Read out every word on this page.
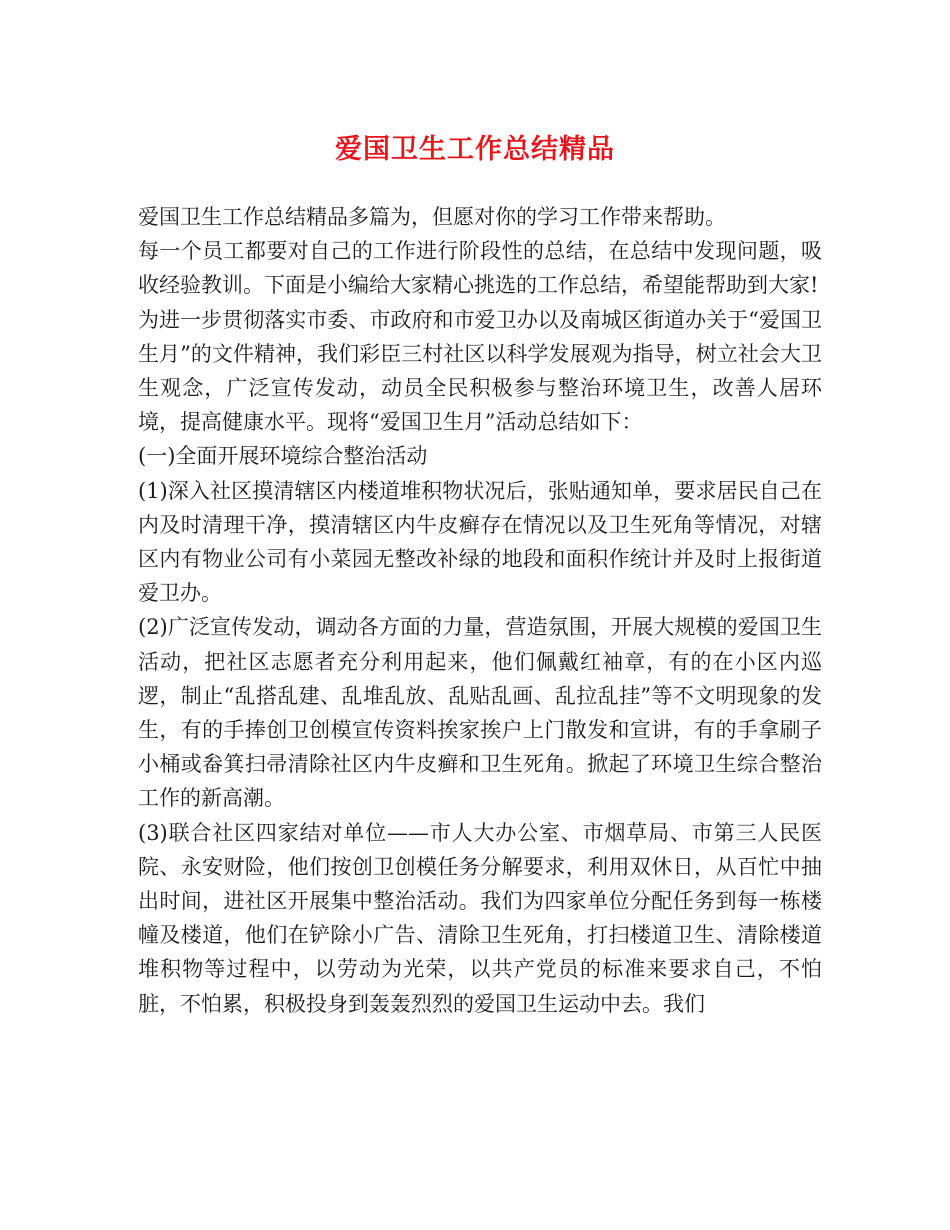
爱国卫生工作总结精品

爱国卫生工作总结精品多篇为，但愿对你的学习工作带来帮助。

每一个员工都要对自己的工作进行阶段性的总结，在总结中发现问题，吸收经验教训。下面是小编给大家精心挑选的工作总结，希望能帮助到大家!

为进一步贯彻落实市委、市政府和市爱卫办以及南城区街道办关于“爱国卫生月”的文件精神，我们彩臣三村社区以科学发展观为指导，树立社会大卫生观念，广泛宣传发动，动员全民积极参与整治环境卫生，改善人居环境，提高健康水平。现将“爱国卫生月”活动总结如下：

(一)全面开展环境综合整治活动

(1)深入社区摸清辖区内楼道堆积物状况后，张贴通知单，要求居民自己在内及时清理干净，摸清辖区内牛皮癣存在情况以及卫生死角等情况，对辖区内有物业公司有小菜园无整改补绿的地段和面积作统计并及时上报街道爱卫办。

(2)广泛宣传发动，调动各方面的力量，营造氛围，开展大规模的爱国卫生活动，把社区志愿者充分利用起来，他们佩戴红袖章，有的在小区内巡逻，制止“乱搭乱建、乱堆乱放、乱贴乱画、乱拉乱挂”等不文明现象的发生，有的手捧创卫创模宣传资料挨家挨户上门散发和宣讲，有的手拿刷子小桶或畚箕扫帚清除社区内牛皮癣和卫生死角。掀起了环境卫生综合整治工作的新高潮。

(3)联合社区四家结对单位——市人大办公室、市烟草局、市第三人民医院、永安财险，他们按创卫创模任务分解要求，利用双休日，从百忙中抽出时间，进社区开展集中整治活动。我们为四家单位分配任务到每一栋楼幢及楼道，他们在铲除小广告、清除卫生死角，打扫楼道卫生、清除楼道堆积物等过程中，以劳动为光荣，以共产党员的标准来要求自己，不怕脏，不怕累，积极投身到轰轰烈烈的爱国卫生运动中去。我们
